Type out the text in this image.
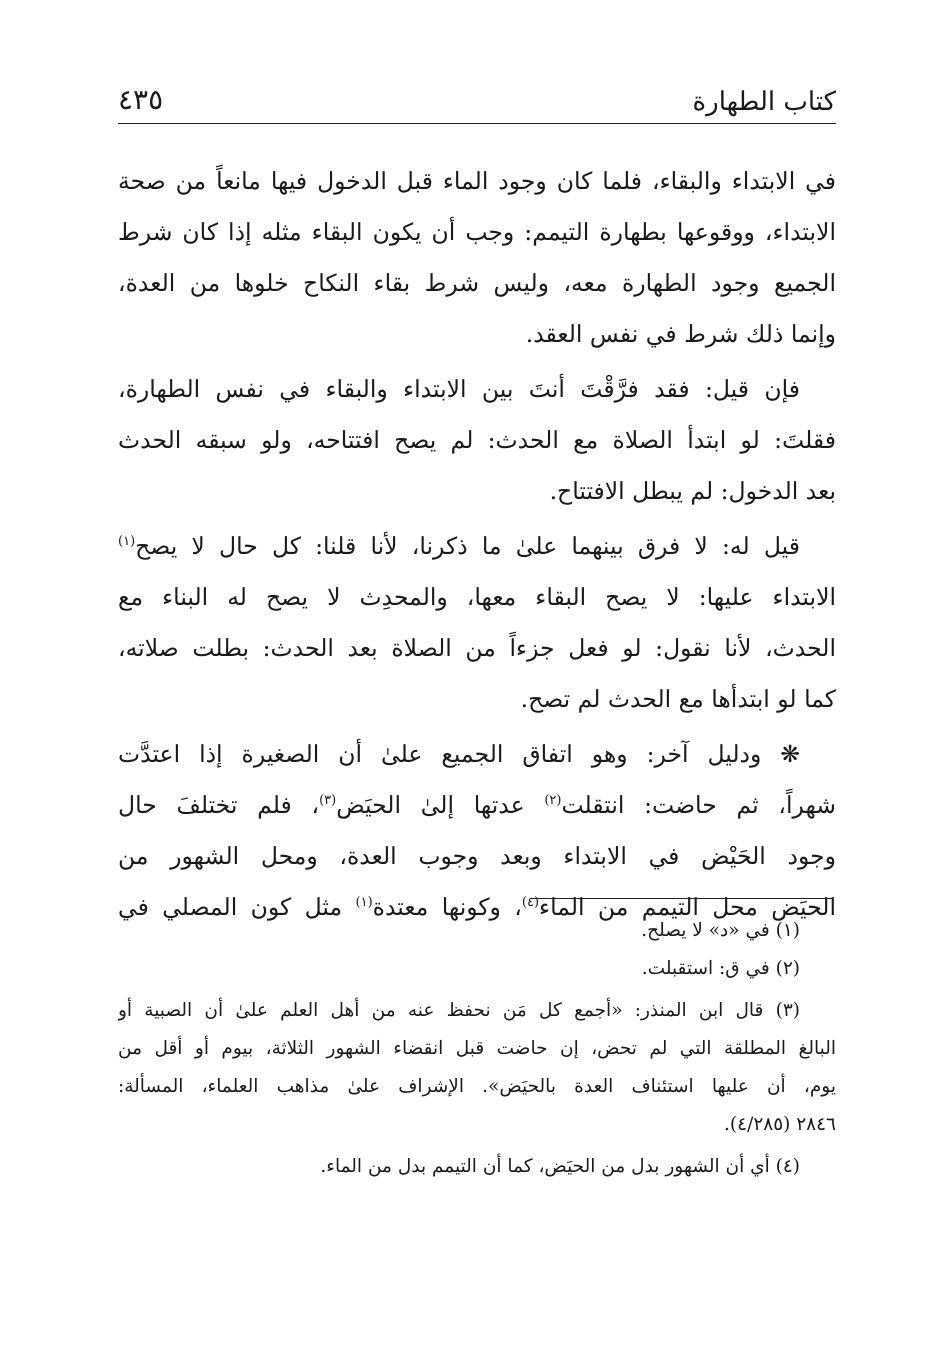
كتاب الطهارة
٤٣٥
في الابتداء والبقاء، فلما كان وجود الماء قبل الدخول فيها مانعاً من صحة
الابتداء، ووقوعها بطهارة التيمم: وجب أن يكون البقاء مثله إذا كان شرط
الجميع وجود الطهارة معه، وليس شرط بقاء النكاح خلوها من العدة،
وإنما ذلك شرط في نفس العقد.
فإن قيل: فقد فرَّقْتَ أنتَ بين الابتداء والبقاء في نفس الطهارة،
فقلتَ: لو ابتدأ الصلاة مع الحدث: لم يصح افتتاحه، ولو سبقه الحدث
بعد الدخول: لم يبطل الافتتاح.
قيل له: لا فرق بينهما علىٰ ما ذكرنا، لأنا قلنا: كل حال لا يصح$^{(١)}$
الابتداء عليها: لا يصح البقاء معها، والمحدِث لا يصح له البناء مع
الحدث، لأنا نقول: لو فعل جزءاً من الصلاة بعد الحدث: بطلت صلاته،
كما لو ابتدأها مع الحدث لم تصح.
❋ ودليل آخر: وهو اتفاق الجميع علىٰ أن الصغيرة إذا اعتدَّت
شهراً، ثم حاضت: انتقلت$^{(٢)}$ عدتها إلىٰ الحيَض$^{(٣)}$، فلم تختلفَ حال
وجود الحَيْض في الابتداء وبعد وجوب العدة، ومحل الشهور من
الحيَض محل التيمم من الماء$^{(٤)}$، وكونها معتدة$^{(١)}$ مثل كون المصلي في
(١) في «د» لا يصلح.
(٢) في ق: استقبلت.
(٣) قال ابن المنذر: «أجمع كل مَن نحفظ عنه من أهل العلم علىٰ أن الصبية أو
البالغ المطلقة التي لم تحض، إن حاضت قبل انقضاء الشهور الثلاثة، بيوم أو أقل من
يوم، أن عليها استئناف العدة بالحيَض». الإشراف علىٰ مذاهب العلماء، المسألة:
٢٨٤٦ (٤/٢٨٥).
(٤) أي أن الشهور بدل من الحيَض، كما أن التيمم بدل من الماء.
